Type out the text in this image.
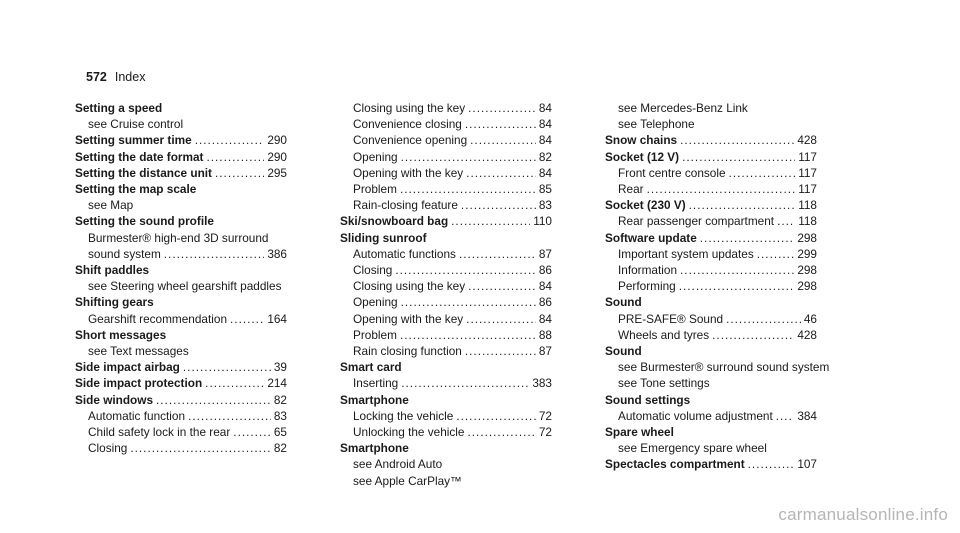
572 Index
Setting a speed
see Cruise control
Setting summer time .....	290
Setting the date format .....	290
Setting the distance unit .....	295
Setting the map scale
see Map
Setting the sound profile
Burmester® high-end 3D surround
sound system .....	386
Shift paddles
see Steering wheel gearshift paddles
Shifting gears
Gearshift recommendation .....	164
Short messages
see Text messages
Side impact airbag .....	39
Side impact protection .....	214
Side windows .....	82
Automatic function .....	83
Child safety lock in the rear .....	65
Closing .....	82
Closing using the key .....	84
Convenience closing .....	84
Convenience opening .....	84
Opening .....	82
Opening with the key .....	84
Problem .....	85
Rain-closing feature .....	83
Ski/snowboard bag .....	110
Sliding sunroof
Automatic functions .....	87
Closing .....	86
Closing using the key .....	84
Opening .....	86
Opening with the key .....	84
Problem .....	88
Rain closing function .....	87
Smart card
Inserting .....	383
Smartphone
Locking the vehicle .....	72
Unlocking the vehicle .....	72
Smartphone
see Android Auto
see Apple CarPlay™
see Mercedes-Benz Link
see Telephone
Snow chains .....	428
Socket (12 V) .....	117
Front centre console .....	117
Rear .....	117
Socket (230 V) .....	118
Rear passenger compartment ..... 118
Software update .....	298
Important system updates .....	299
Information .....	298
Performing .....	298
Sound
PRE-SAFE® Sound .....	46
Wheels and tyres .....	428
Sound
see Burmester® surround sound system
see Tone settings
Sound settings
Automatic volume adjustment ..... 384
Spare wheel
see Emergency spare wheel
Spectacles compartment .....	107
carmanualsonline.info
